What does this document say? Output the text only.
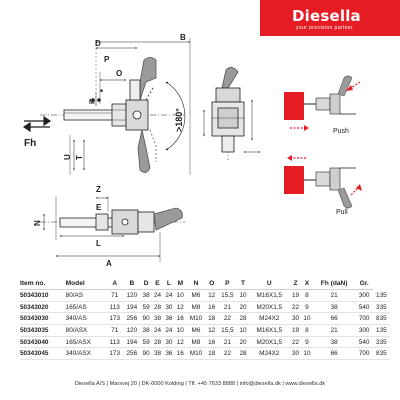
Diesella
your precision partner
D
B
O
P
M
*
>180°
U T
Fh
Z
E
N
L
A
Push
Pull
Item no.	Model	A	B	D	E	L	M	N	O	P	T	U	Z	X	Fh (daN)	Gr.	
50343010	80/AS	71	120	38	24	24	10	M6	12	15,5	10	M16X1,5	19	8	21	300	135
50343020	165/AS	113	194	59	28	30	12	M8	16	21	20	M20X1,5	22	9	38	540	335
50343030	340/AS	173	256	90	38	36	16	M10	18	22	28	M24X2	30	10	66	700	835
50343035	80/ASX	71	120	38	24	24	10	M6	12	15,5	10	M16X1,5	19	8	21	300	135
50343040	165/ASX	113	194	59	28	30	12	M8	16	21	20	M20X1,5	22	9	38	540	335
50343045	340/ASX	173	256	90	38	36	16	M10	18	22	28	M24X2	30	10	66	700	835
Diesella A/S | Marsvej 20 | DK-6000 Kolding | Tlf. +45 7633 8888 | info@diesella.dk | www.diesella.dk
